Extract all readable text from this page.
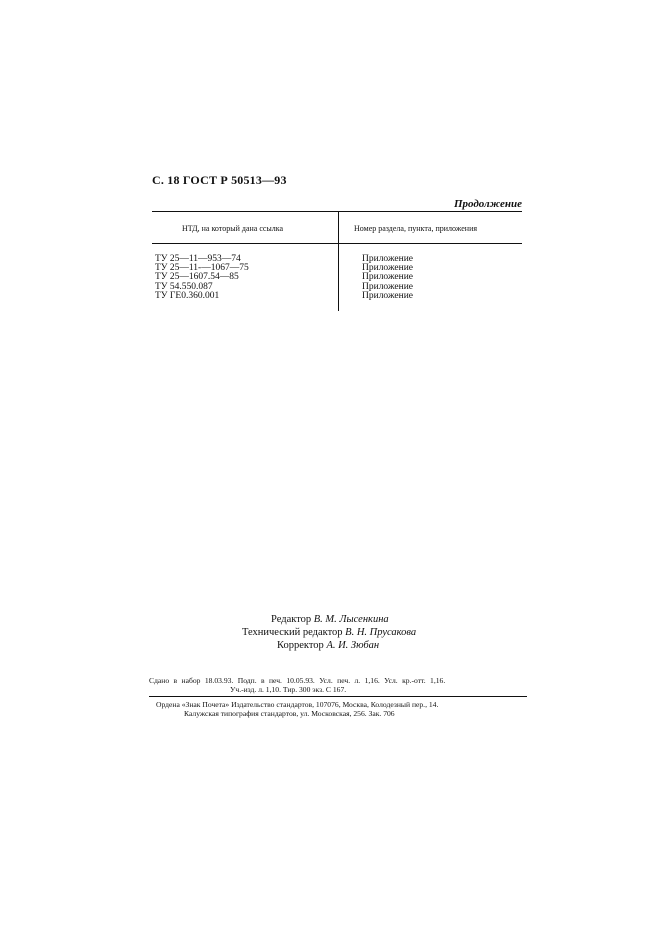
С. 18 ГОСТ Р 50513—93
Продолжение
НТД, на который дана ссылка	Номер раздела, пункта, приложения
ТУ 25—11—953—74
ТУ 25—11-—1067—75
ТУ 25—1607.54—85
ТУ 54.550.087
ТУ ГЕ0.360.001
Приложение
Приложение
Приложение
Приложение
Приложение
Редактор В. М. Лысенкина
Технический редактор В. Н. Прусакова
Корректор А. И. Зюбан
Сдано в набор 18.03.93. Подп. в печ. 10.05.93. Усл. печ. л. 1,16. Усл. кр.-отт. 1,16.
Уч.-изд. л. 1,10. Тир. 300 экз. С 167.
Ордена «Знак Почета» Издательство стандартов, 107076, Москва, Колодезный пер., 14.
Калужская типография стандартов, ул. Московская, 256. Зак. 706
